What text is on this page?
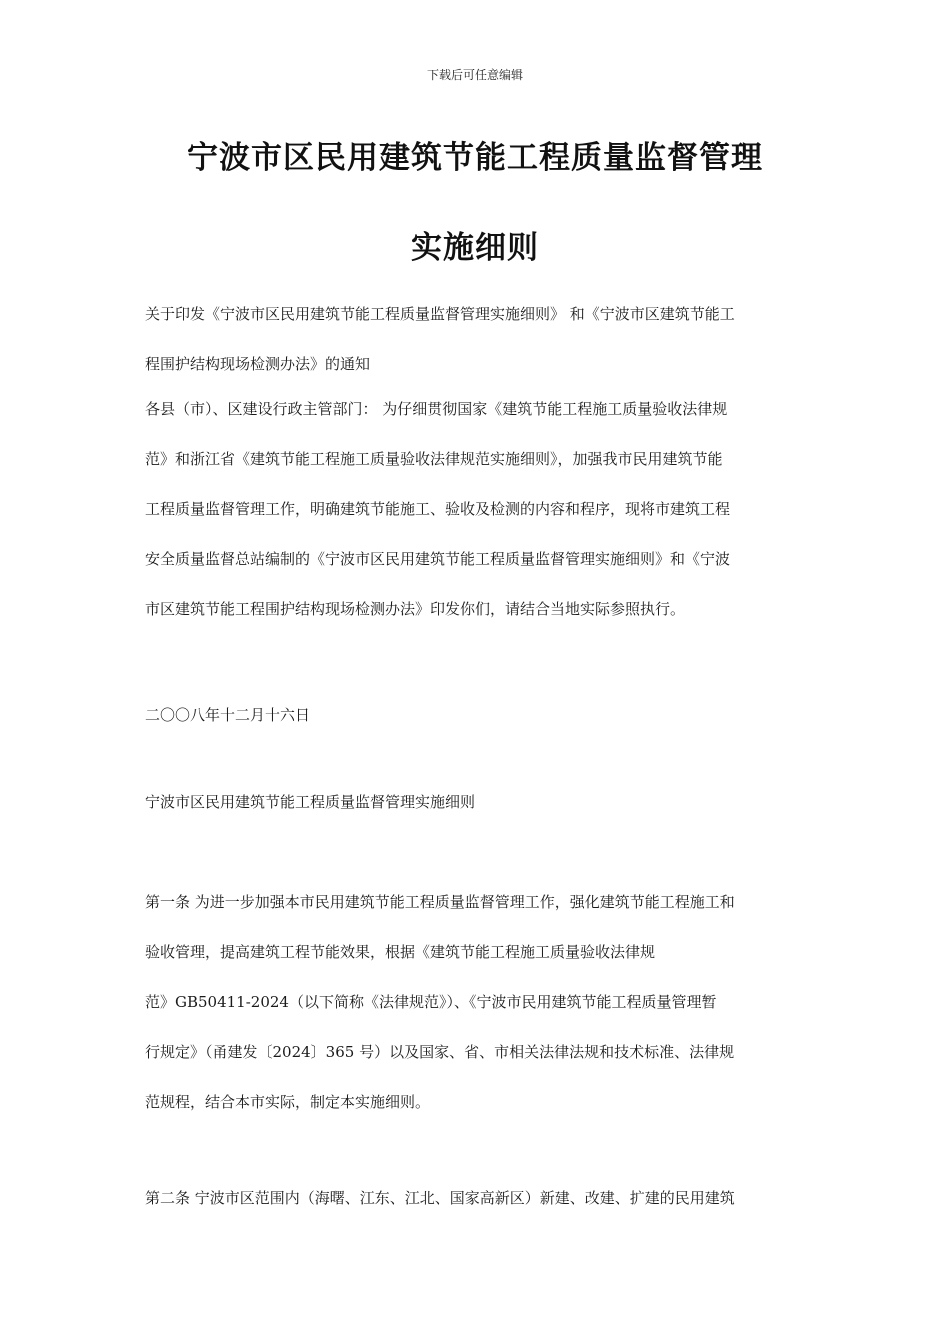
下载后可任意编辑
宁波市区民用建筑节能工程质量监督管理
实施细则
关于印发《宁波市区民用建筑节能工程质量监督管理实施细则》 和《宁波市区建筑节能工
程围护结构现场检测办法》的通知
各县（市）、区建设行政主管部门： 为仔细贯彻国家《建筑节能工程施工质量验收法律规
范》和浙江省《建筑节能工程施工质量验收法律规范实施细则》，加强我市民用建筑节能
工程质量监督管理工作，明确建筑节能施工、验收及检测的内容和程序，现将市建筑工程
安全质量监督总站编制的《宁波市区民用建筑节能工程质量监督管理实施细则》和《宁波
市区建筑节能工程围护结构现场检测办法》印发你们，请结合当地实际参照执行。
二〇〇八年十二月十六日
宁波市区民用建筑节能工程质量监督管理实施细则
第一条 为进一步加强本市民用建筑节能工程质量监督管理工作，强化建筑节能工程施工和
验收管理，提高建筑工程节能效果，根据《建筑节能工程施工质量验收法律规
范》GB50411-2024（以下简称《法律规范》）、《宁波市民用建筑节能工程质量管理暂
行规定》（甬建发〔2024〕365 号）以及国家、省、市相关法律法规和技术标准、法律规
范规程，结合本市实际，制定本实施细则。
第二条 宁波市区范围内（海曙、江东、江北、国家高新区）新建、改建、扩建的民用建筑
